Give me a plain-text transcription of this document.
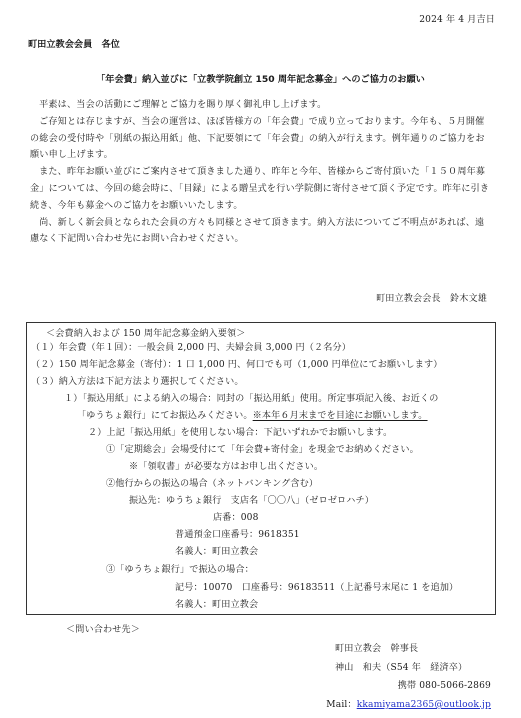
2024 年 4 月吉日
町田立教会会員　各位
「年会費」納入並びに「立教学院創立 150 周年記念募金」へのご協力のお願い

平素は、当会の活動にご理解とご協力を賜り厚く御礼申し上げます。

ご存知とは存じますが、当会の運営は、ほぼ皆様方の「年会費」で成り立っております。今年も、５月開催の総会の受付時や「別紙の振込用紙」他、下記要領にて「年会費」の納入が行えます。例年通りのご協力をお願い申し上げます。

また、昨年お願い並びにご案内させて頂きました通り、昨年と今年、皆様からご寄付頂いた「１５０周年募金」については、今回の総会時に、「目録」による贈呈式を行い学院側に寄付させて頂く予定です。昨年に引き続き、今年も募金へのご協力をお願いいたします。

尚、新しく新会員となられた会員の方々も同様とさせて頂きます。納入方法についてご不明点があれば、遠慮なく下記問い合わせ先にお問い合わせください。

町田立教会会長　鈴木文雄
＜会費納入および 150 周年記念募金納入要領＞
（１）年会費（年１回）：一般会員 2,000 円、夫婦会員 3,000 円（２名分）
（２）150 周年記念募金（寄付）：1 口 1,000 円、何口でも可（1,000 円単位にてお願いします）
（３）納入方法は下記方法より選択してください。
１）「振込用紙」による納入の場合：同封の「振込用紙」使用。所定事項記入後、お近くの
「ゆうちょ銀行」にてお振込みください。※本年６月末までを目途にお願いします。
２）上記「振込用紙」を使用しない場合：下記いずれかでお願いします。
①「定期総会」会場受付にて「年会費+寄付金」を現金でお納めください。
※「領収書」が必要な方はお申し出ください。
②他行からの振込の場合（ネットバンキング含む）
振込先：ゆうちょ銀行　支店名「〇〇八」（ゼロゼロハチ）
店番：008
普通預金口座番号：9618351
名義人：町田立教会
③「ゆうちょ銀行」で振込の場合：
記号：10070　口座番号：96183511（上記番号末尾に 1 を追加）
＜問い合わせ先＞
町田立教会　幹事長
神山　和夫（S54 年　経済卒）
携帯 080-5066-2869
Mail：kkamiyama2365@outlook.jp
名義人：町田立教会
